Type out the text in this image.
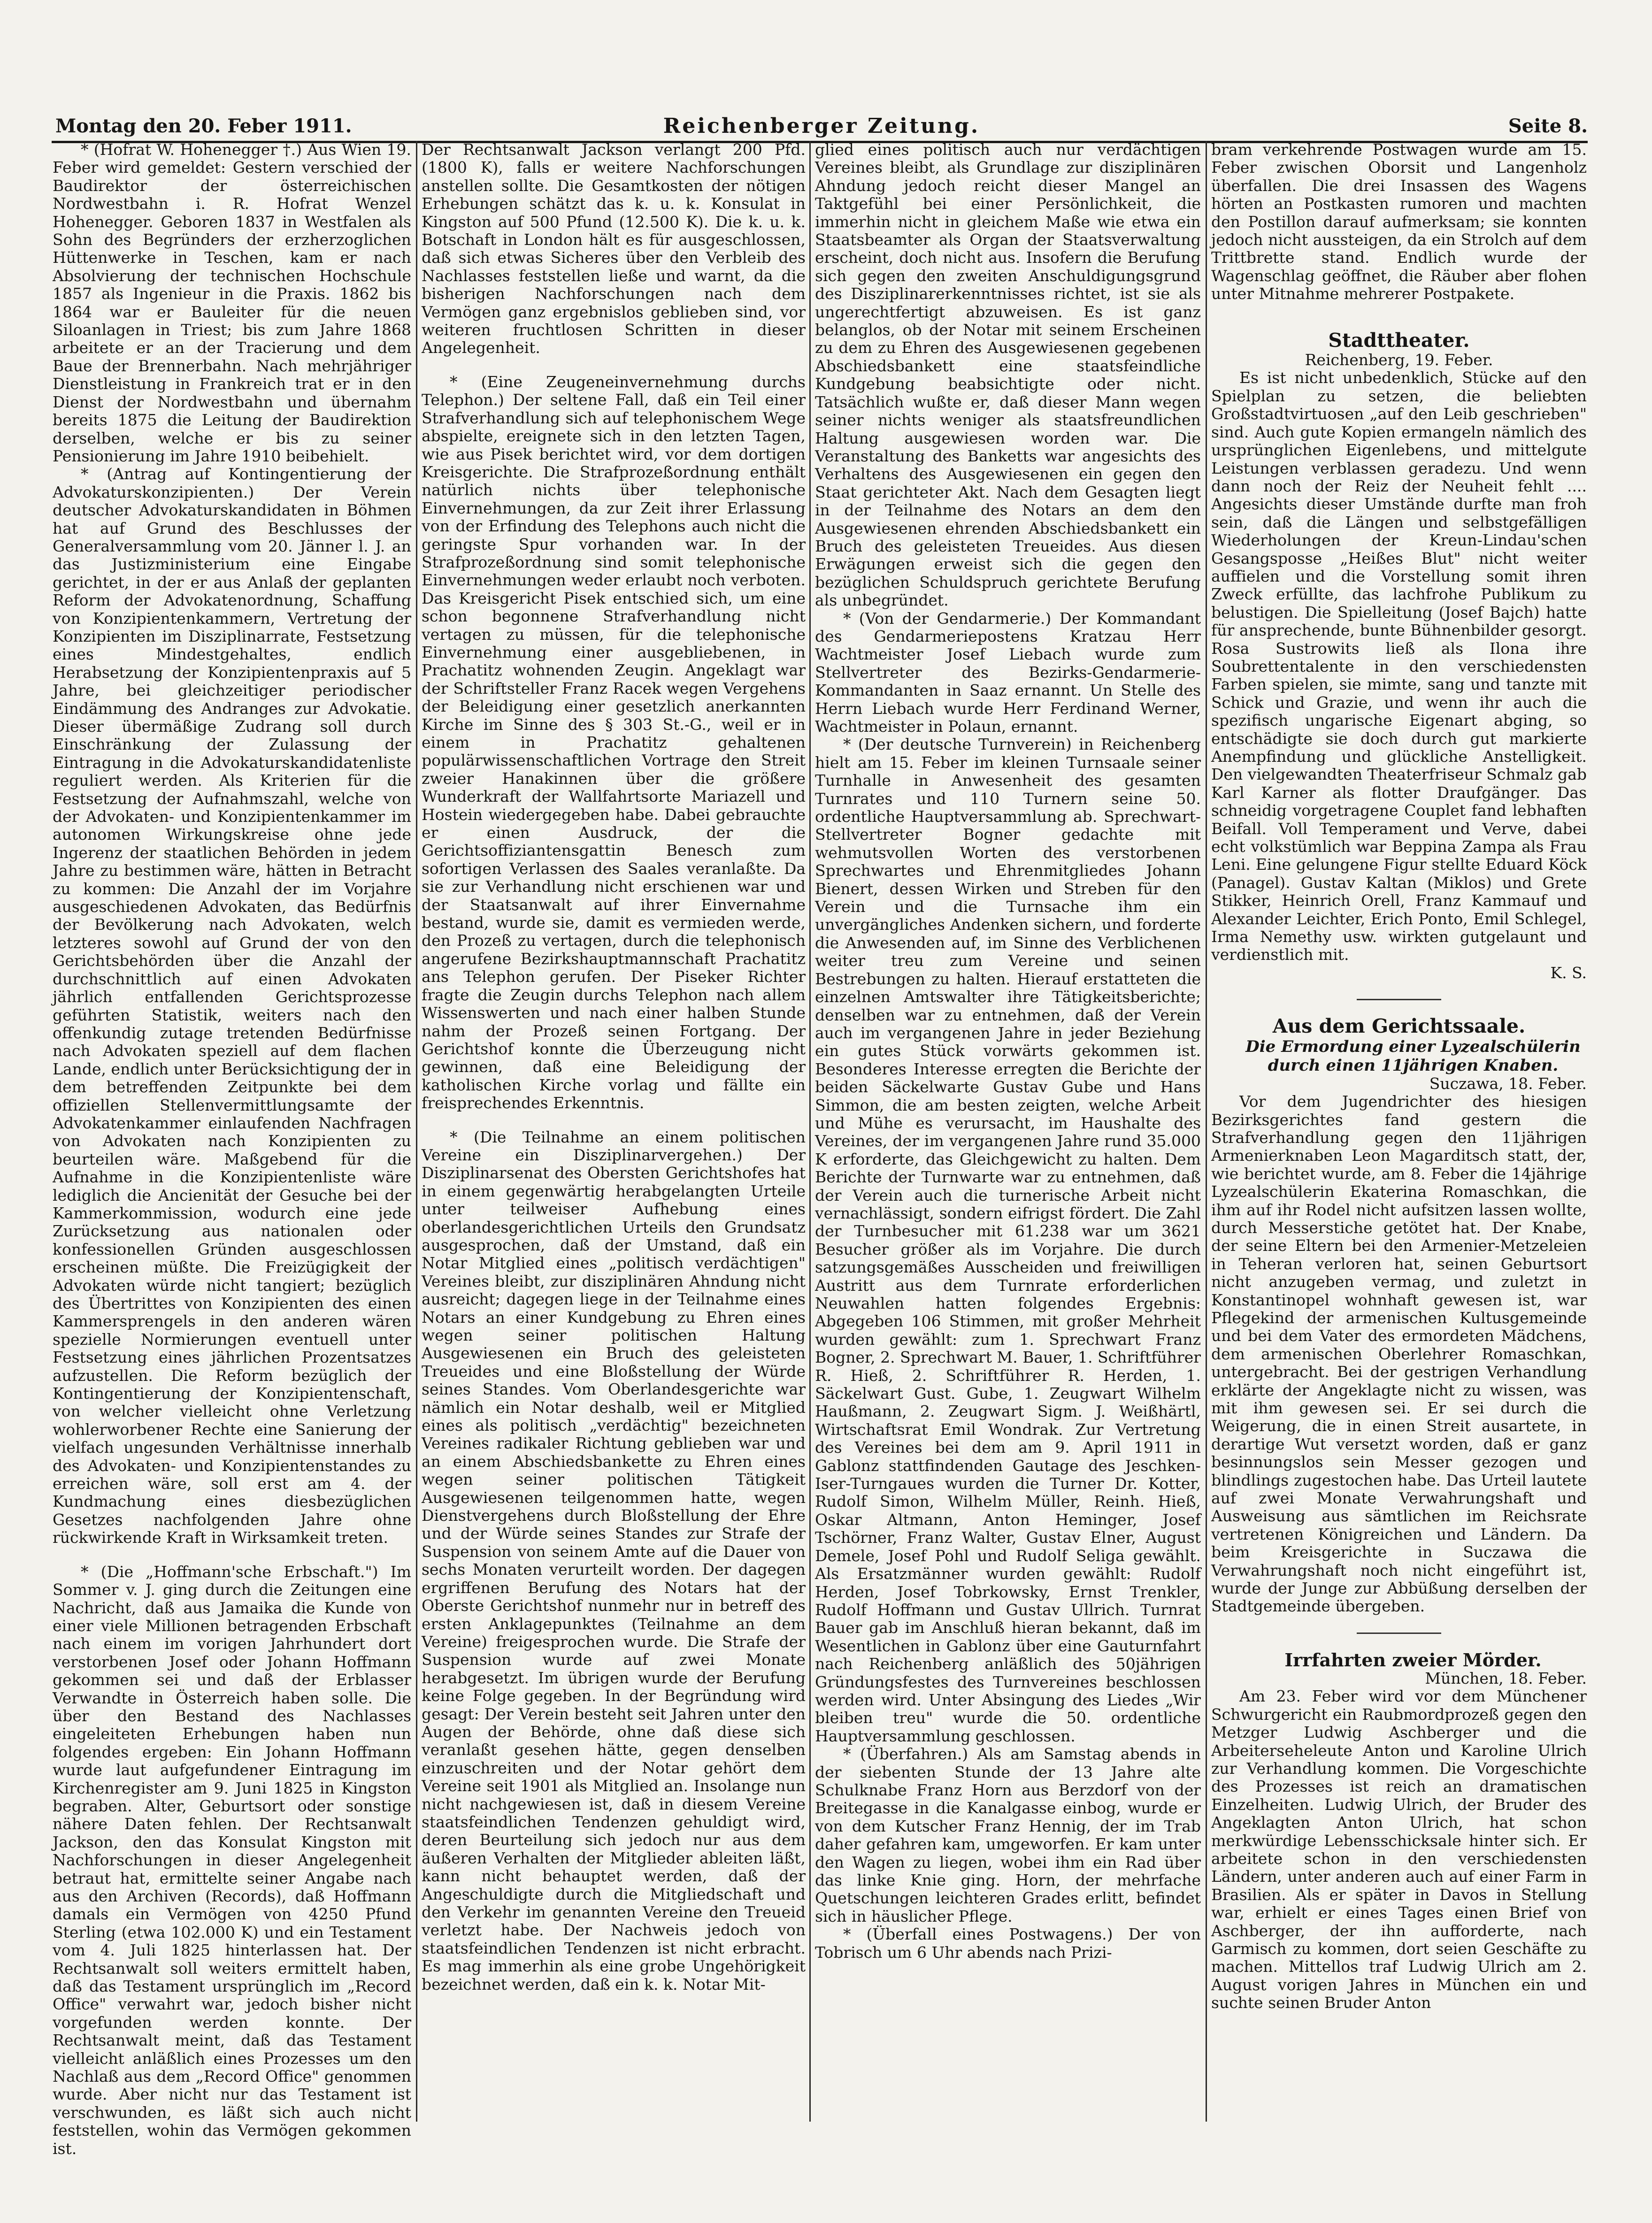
Montag den 20. Feber 1911.	Reichenberger Zeitung.	Seite 8.

* (Hofrat W. Hohenegger †.) Aus Wien 19. Feber wird gemeldet: Gestern verschied der Baudirektor der österreichischen Nordwestbahn i. R. Hofrat Wenzel Hohenegger. Geboren 1837 in Westfalen als Sohn des Begründers der erzherzoglichen Hüttenwerke in Teschen, kam er nach Absolvierung der technischen Hochschule 1857 als Ingenieur in die Praxis. 1862 bis 1864 war er Bauleiter für die neuen Siloanlagen in Triest; bis zum Jahre 1868 arbeitete er an der Tracierung und dem Baue der Brennerbahn. Nach mehrjähriger Dienstleistung in Frankreich trat er in den Dienst der Nordwestbahn und übernahm bereits 1875 die Leitung der Baudirektion derselben, welche er bis zu seiner Pensionierung im Jahre 1910 beibehielt.

* (Antrag auf Kontingentierung der Advokaturskonzipienten.) Der Verein deutscher Advokaturskandidaten in Böhmen hat auf Grund des Beschlusses der Generalversammlung vom 20. Jänner l. J. an das Justizministerium eine Eingabe gerichtet, in der er aus Anlaß der geplanten Reform der Advokatenordnung, Schaffung von Konzipientenkammern, Vertretung der Konzipienten im Disziplinarrate, Festsetzung eines Mindestgehaltes, endlich Herabsetzung der Konzipientenpraxis auf 5 Jahre, bei gleichzeitiger periodischer Eindämmung des Andranges zur Advokatie. Dieser übermäßige Zudrang soll durch Einschränkung der Zulassung der Eintragung in die Advokaturskandidatenliste reguliert werden. Als Kriterien für die Festsetzung der Aufnahmszahl, welche von der Advokaten- und Konzipientenkammer im autonomen Wirkungskreise ohne jede Ingerenz der staatlichen Behörden in jedem Jahre zu bestimmen wäre, hätten in Betracht zu kommen: Die Anzahl der im Vorjahre ausgeschiedenen Advokaten, das Bedürfnis der Bevölkerung nach Advokaten, welch letzteres sowohl auf Grund der von den Gerichtsbehörden über die Anzahl der durchschnittlich auf einen Advokaten jährlich entfallenden Gerichtsprozesse geführten Statistik, weiters nach den offenkundig zutage tretenden Bedürfnisse nach Advokaten speziell auf dem flachen Lande, endlich unter Berücksichtigung der in dem betreffenden Zeitpunkte bei dem offiziellen Stellenvermittlungsamte der Advokatenkammer einlaufenden Nachfragen von Advokaten nach Konzipienten zu beurteilen wäre. Maßgebend für die Aufnahme in die Konzipientenliste wäre lediglich die Ancienität der Gesuche bei der Kammerkommission, wodurch eine jede Zurücksetzung aus nationalen oder konfessionellen Gründen ausgeschlossen erscheinen müßte. Die Freizügigkeit der Advokaten würde nicht tangiert; bezüglich des Übertrittes von Konzipienten des einen Kammersprengels in den anderen wären spezielle Normierungen eventuell unter Festsetzung eines jährlichen Prozentsatzes aufzustellen. Die Reform bezüglich der Kontingentierung der Konzipientenschaft, von welcher vielleicht ohne Verletzung wohlerworbener Rechte eine Sanierung der vielfach ungesunden Verhältnisse innerhalb des Advokaten- und Konzipientenstandes zu erreichen wäre, soll erst am 4. der Kundmachung eines diesbezüglichen Gesetzes nachfolgenden Jahre ohne rückwirkende Kraft in Wirksamkeit treten.

* (Die „Hoffmann'sche Erbschaft.") Im Sommer v. J. ging durch die Zeitungen eine Nachricht, daß aus Jamaika die Kunde von einer viele Millionen betragenden Erbschaft nach einem im vorigen Jahrhundert dort verstorbenen Josef oder Johann Hoffmann gekommen sei und daß der Erblasser Verwandte in Österreich haben solle. Die über den Bestand des Nachlasses eingeleiteten Erhebungen haben nun folgendes ergeben: Ein Johann Hoffmann wurde laut aufgefundener Eintragung im Kirchenregister am 9. Juni 1825 in Kingston begraben. Alter, Geburtsort oder sonstige nähere Daten fehlen. Der Rechtsanwalt Jackson, den das Konsulat Kingston mit Nachforschungen in dieser Angelegenheit betraut hat, ermittelte seiner Angabe nach aus den Archiven (Records), daß Hoffmann damals ein Vermögen von 4250 Pfund Sterling (etwa 102.000 K) und ein Testament vom 4. Juli 1825 hinterlassen hat. Der Rechtsanwalt soll weiters ermittelt haben, daß das Testament ursprünglich im „Record Office" verwahrt war, jedoch bisher nicht vorgefunden werden konnte. Der Rechtsanwalt meint, daß das Testament vielleicht anläßlich eines Prozesses um den Nachlaß aus dem „Record Office" genommen wurde. Aber nicht nur das Testament ist verschwunden, es läßt sich auch nicht feststellen, wohin das Vermögen gekommen ist.

Der Rechtsanwalt Jackson verlangt 200 Pfd. (1800 K), falls er weitere Nachforschungen anstellen sollte. Die Gesamtkosten der nötigen Erhebungen schätzt das k. u. k. Konsulat in Kingston auf 500 Pfund (12.500 K). Die k. u. k. Botschaft in London hält es für ausgeschlossen, daß sich etwas Sicheres über den Verbleib des Nachlasses feststellen ließe und warnt, da die bisherigen Nachforschungen nach dem Vermögen ganz ergebnislos geblieben sind, vor weiteren fruchtlosen Schritten in dieser Angelegenheit.

* (Eine Zeugeneinvernehmung durchs Telephon.) Der seltene Fall, daß ein Teil einer Strafverhandlung sich auf telephonischem Wege abspielte, ereignete sich in den letzten Tagen, wie aus Pisek berichtet wird, vor dem dortigen Kreisgerichte. Die Strafprozeßordnung enthält natürlich nichts über telephonische Einvernehmungen, da zur Zeit ihrer Erlassung von der Erfindung des Telephons auch nicht die geringste Spur vorhanden war. In der Strafprozeßordnung sind somit telephonische Einvernehmungen weder erlaubt noch verboten. Das Kreisgericht Pisek entschied sich, um eine schon begonnene Strafverhandlung nicht vertagen zu müssen, für die telephonische Einvernehmung einer ausgebliebenen, in Prachatitz wohnenden Zeugin. Angeklagt war der Schriftsteller Franz Racek wegen Vergehens der Beleidigung einer gesetzlich anerkannten Kirche im Sinne des § 303 St.-G., weil er in einem in Prachatitz gehaltenen populärwissenschaftlichen Vortrage den Streit zweier Hanakinnen über die größere Wunderkraft der Wallfahrtsorte Mariazell und Hostein wiedergegeben habe. Dabei gebrauchte er einen Ausdruck, der die Gerichtsoffiziantensgattin Benesch zum sofortigen Verlassen des Saales veranlaßte. Da sie zur Verhandlung nicht erschienen war und der Staatsanwalt auf ihrer Einvernahme bestand, wurde sie, damit es vermieden werde, den Prozeß zu vertagen, durch die telephonisch angerufene Bezirkshauptmannschaft Prachatitz ans Telephon gerufen. Der Piseker Richter fragte die Zeugin durchs Telephon nach allem Wissenswerten und nach einer halben Stunde nahm der Prozeß seinen Fortgang. Der Gerichtshof konnte die Überzeugung nicht gewinnen, daß eine Beleidigung der katholischen Kirche vorlag und fällte ein freisprechendes Erkenntnis.

* (Die Teilnahme an einem politischen Vereine ein Disziplinarvergehen.) Der Disziplinarsenat des Obersten Gerichtshofes hat in einem gegenwärtig herabgelangten Urteile unter teilweiser Aufhebung eines oberlandesgerichtlichen Urteils den Grundsatz ausgesprochen, daß der Umstand, daß ein Notar Mitglied eines „politisch verdächtigen" Vereines bleibt, zur disziplinären Ahndung nicht ausreicht; dagegen liege in der Teilnahme eines Notars an einer Kundgebung zu Ehren eines wegen seiner politischen Haltung Ausgewiesenen ein Bruch des geleisteten Treueides und eine Bloßstellung der Würde seines Standes. Vom Oberlandesgerichte war nämlich ein Notar deshalb, weil er Mitglied eines als politisch „verdächtig" bezeichneten Vereines radikaler Richtung geblieben war und an einem Abschiedsbankette zu Ehren eines wegen seiner politischen Tätigkeit Ausgewiesenen teilgenommen hatte, wegen Dienstvergehens durch Bloßstellung der Ehre und der Würde seines Standes zur Strafe der Suspension von seinem Amte auf die Dauer von sechs Monaten verurteilt worden. Der dagegen ergriffenen Berufung des Notars hat der Oberste Gerichtshof nunmehr nur in betreff des ersten Anklagepunktes (Teilnahme an dem Vereine) freigesprochen wurde. Die Strafe der Suspension wurde auf zwei Monate herabgesetzt. Im übrigen wurde der Berufung keine Folge gegeben. In der Begründung wird gesagt: Der Verein besteht seit Jahren unter den Augen der Behörde, ohne daß diese sich veranlaßt gesehen hätte, gegen denselben einzuschreiten und der Notar gehört dem Vereine seit 1901 als Mitglied an. Insolange nun nicht nachgewiesen ist, daß in diesem Vereine staatsfeindlichen Tendenzen gehuldigt wird, deren Beurteilung sich jedoch nur aus dem äußeren Verhalten der Mitglieder ableiten läßt, kann nicht behauptet werden, daß der Angeschuldigte durch die Mitgliedschaft und den Verkehr im genannten Vereine den Treueid verletzt habe. Der Nachweis jedoch von staatsfeindlichen Tendenzen ist nicht erbracht. Es mag immerhin als eine grobe Ungehörigkeit bezeichnet werden, daß ein k. k. Notar Mit-

glied eines politisch auch nur verdächtigen Vereines bleibt, als Grundlage zur disziplinären Ahndung jedoch reicht dieser Mangel an Taktgefühl bei einer Persönlichkeit, die immerhin nicht in gleichem Maße wie etwa ein Staatsbeamter als Organ der Staatsverwaltung erscheint, doch nicht aus. Insofern die Berufung sich gegen den zweiten Anschuldigungsgrund des Disziplinarerkenntnisses richtet, ist sie als ungerechtfertigt abzuweisen. Es ist ganz belanglos, ob der Notar mit seinem Erscheinen zu dem zu Ehren des Ausgewiesenen gegebenen Abschiedsbankett eine staatsfeindliche Kundgebung beabsichtigte oder nicht. Tatsächlich wußte er, daß dieser Mann wegen seiner nichts weniger als staatsfreundlichen Haltung ausgewiesen worden war. Die Veranstaltung des Banketts war angesichts des Verhaltens des Ausgewiesenen ein gegen den Staat gerichteter Akt. Nach dem Gesagten liegt in der Teilnahme des Notars an dem den Ausgewiesenen ehrenden Abschiedsbankett ein Bruch des geleisteten Treueides. Aus diesen Erwägungen erweist sich die gegen den bezüglichen Schuldspruch gerichtete Berufung als unbegründet.

* (Von der Gendarmerie.) Der Kommandant des Gendarmeriepostens Kratzau Herr Wachtmeister Josef Liebach wurde zum Stellvertreter des Bezirks-Gendarmerie-Kommandanten in Saaz ernannt. Un Stelle des Herrn Liebach wurde Herr Ferdinand Werner, Wachtmeister in Polaun, ernannt.

* (Der deutsche Turnverein) in Reichenberg hielt am 15. Feber im kleinen Turnsaale seiner Turnhalle in Anwesenheit des gesamten Turnrates und 110 Turnern seine 50. ordentliche Hauptversammlung ab. Sprechwart-Stellvertreter Bogner gedachte mit wehmutsvollen Worten des verstorbenen Sprechwartes und Ehrenmitgliedes Johann Bienert, dessen Wirken und Streben für den Verein und die Turnsache ihm ein unvergängliches Andenken sichern, und forderte die Anwesenden auf, im Sinne des Verblichenen weiter treu zum Vereine und seinen Bestrebungen zu halten. Hierauf erstatteten die einzelnen Amtswalter ihre Tätigkeitsberichte; denselben war zu entnehmen, daß der Verein auch im vergangenen Jahre in jeder Beziehung ein gutes Stück vorwärts gekommen ist. Besonderes Interesse erregten die Berichte der beiden Säckelwarte Gustav Gube und Hans Simmon, die am besten zeigten, welche Arbeit und Mühe es verursacht, im Haushalte des Vereines, der im vergangenen Jahre rund 35.000 K erforderte, das Gleichgewicht zu halten. Dem Berichte der Turnwarte war zu entnehmen, daß der Verein auch die turnerische Arbeit nicht vernachlässigt, sondern eifrigst fördert. Die Zahl der Turnbesucher mit 61.238 war um 3621 Besucher größer als im Vorjahre. Die durch satzungsgemäßes Ausscheiden und freiwilligen Austritt aus dem Turnrate erforderlichen Neuwahlen hatten folgendes Ergebnis: Abgegeben 106 Stimmen, mit großer Mehrheit wurden gewählt: zum 1. Sprechwart Franz Bogner, 2. Sprechwart M. Bauer, 1. Schriftführer R. Hieß, 2. Schriftführer R. Herden, 1. Säckelwart Gust. Gube, 1. Zeugwart Wilhelm Haußmann, 2. Zeugwart Sigm. J. Weißhärtl, Wirtschaftsrat Emil Wondrak. Zur Vertretung des Vereines bei dem am 9. April 1911 in Gablonz stattfindenden Gautage des Jeschken-Iser-Turngaues wurden die Turner Dr. Kotter, Rudolf Simon, Wilhelm Müller, Reinh. Hieß, Oskar Altmann, Anton Heminger, Josef Tschörner, Franz Walter, Gustav Elner, August Demele, Josef Pohl und Rudolf Seliga gewählt. Als Ersatzmänner wurden gewählt: Rudolf Herden, Josef Tobrkowsky, Ernst Trenkler, Rudolf Hoffmann und Gustav Ullrich. Turnrat Bauer gab im Anschluß hieran bekannt, daß im Wesentlichen in Gablonz über eine Gauturnfahrt nach Reichenberg anläßlich des 50jährigen Gründungsfestes des Turnvereines beschlossen werden wird. Unter Absingung des Liedes „Wir bleiben treu" wurde die 50. ordentliche Hauptversammlung geschlossen.

* (Überfahren.) Als am Samstag abends in der siebenten Stunde der 13 Jahre alte Schulknabe Franz Horn aus Berzdorf von der Breitegasse in die Kanalgasse einbog, wurde er von dem Kutscher Franz Hennig, der im Trab daher gefahren kam, umgeworfen. Er kam unter den Wagen zu liegen, wobei ihm ein Rad über das linke Knie ging. Horn, der mehrfache Quetschungen leichteren Grades erlitt, befindet sich in häuslicher Pflege.

* (Überfall eines Postwagens.) Der von Tobrisch um 6 Uhr abends nach Prizi-

bram verkehrende Postwagen wurde am 15. Feber zwischen Oborsit und Langenholz überfallen. Die drei Insassen des Wagens hörten an Postkasten rumoren und machten den Postillon darauf aufmerksam; sie konnten jedoch nicht aussteigen, da ein Strolch auf dem Trittbrette stand. Endlich wurde der Wagenschlag geöffnet, die Räuber aber flohen unter Mitnahme mehrerer Postpakete.

Stadttheater.

Reichenberg, 19. Feber.

Es ist nicht unbedenklich, Stücke auf den Spielplan zu setzen, die beliebten Großstadtvirtuosen „auf den Leib geschrieben" sind. Auch gute Kopien ermangeln nämlich des ursprünglichen Eigenlebens, und mittelgute Leistungen verblassen geradezu. Und wenn dann noch der Reiz der Neuheit fehlt .... Angesichts dieser Umstände durfte man froh sein, daß die Längen und selbstgefälligen Wiederholungen der Kreun-Lindau'schen Gesangsposse „Heißes Blut" nicht weiter auffielen und die Vorstellung somit ihren Zweck erfüllte, das lachfrohe Publikum zu belustigen. Die Spielleitung (Josef Bajch) hatte für ansprechende, bunte Bühnenbilder gesorgt. Rosa Sustrowits ließ als Ilona ihre Soubrettentalente in den verschiedensten Farben spielen, sie mimte, sang und tanzte mit Schick und Grazie, und wenn ihr auch die spezifisch ungarische Eigenart abging, so entschädigte sie doch durch gut markierte Anempfindung und glückliche Anstelligkeit. Den vielgewandten Theaterfriseur Schmalz gab Karl Karner als flotter Draufgänger. Das schneidig vorgetragene Couplet fand lebhaften Beifall. Voll Temperament und Verve, dabei echt volkstümlich war Beppina Zampa als Frau Leni. Eine gelungene Figur stellte Eduard Köck (Panagel). Gustav Kaltan (Miklos) und Grete Stikker, Heinrich Orell, Franz Kammauf und Alexander Leichter, Erich Ponto, Emil Schlegel, Irma Nemethy usw. wirkten gutgelaunt und verdienstlich mit.

K. S.

Aus dem Gerichtssaale.

Die Ermordung einer Lyzealschülerin

durch einen 11jährigen Knaben.

Suczawa, 18. Feber.

Vor dem Jugendrichter des hiesigen Bezirksgerichtes fand gestern die Strafverhandlung gegen den 11jährigen Armenierknaben Leon Magarditsch statt, der, wie berichtet wurde, am 8. Feber die 14jährige Lyzealschülerin Ekaterina Romaschkan, die ihm auf ihr Rodel nicht aufsitzen lassen wollte, durch Messerstiche getötet hat. Der Knabe, der seine Eltern bei den Armenier-Metzeleien in Teheran verloren hat, seinen Geburtsort nicht anzugeben vermag, und zuletzt in Konstantinopel wohnhaft gewesen ist, war Pflegekind der armenischen Kultusgemeinde und bei dem Vater des ermordeten Mädchens, dem armenischen Oberlehrer Romaschkan, untergebracht. Bei der gestrigen Verhandlung erklärte der Angeklagte nicht zu wissen, was mit ihm gewesen sei. Er sei durch die Weigerung, die in einen Streit ausartete, in derartige Wut versetzt worden, daß er ganz besinnungslos sein Messer gezogen und blindlings zugestochen habe. Das Urteil lautete auf zwei Monate Verwahrungshaft und Ausweisung aus sämtlichen im Reichsrate vertretenen Königreichen und Ländern. Da beim Kreisgerichte in Suczawa die Verwahrungshaft noch nicht eingeführt ist, wurde der Junge zur Abbüßung derselben der Stadtgemeinde übergeben.

Irrfahrten zweier Mörder.

München, 18. Feber.

Am 23. Feber wird vor dem Münchener Schwurgericht ein Raubmordprozeß gegen den Metzger Ludwig Aschberger und die Arbeiterseheleute Anton und Karoline Ulrich zur Verhandlung kommen. Die Vorgeschichte des Prozesses ist reich an dramatischen Einzelheiten. Ludwig Ulrich, der Bruder des Angeklagten Anton Ulrich, hat schon merkwürdige Lebensschicksale hinter sich. Er arbeitete schon in den verschiedensten Ländern, unter anderen auch auf einer Farm in Brasilien. Als er später in Davos in Stellung war, erhielt er eines Tages einen Brief von Aschberger, der ihn aufforderte, nach Garmisch zu kommen, dort seien Geschäfte zu machen. Mittellos traf Ludwig Ulrich am 2. August vorigen Jahres in München ein und suchte seinen Bruder Anton
